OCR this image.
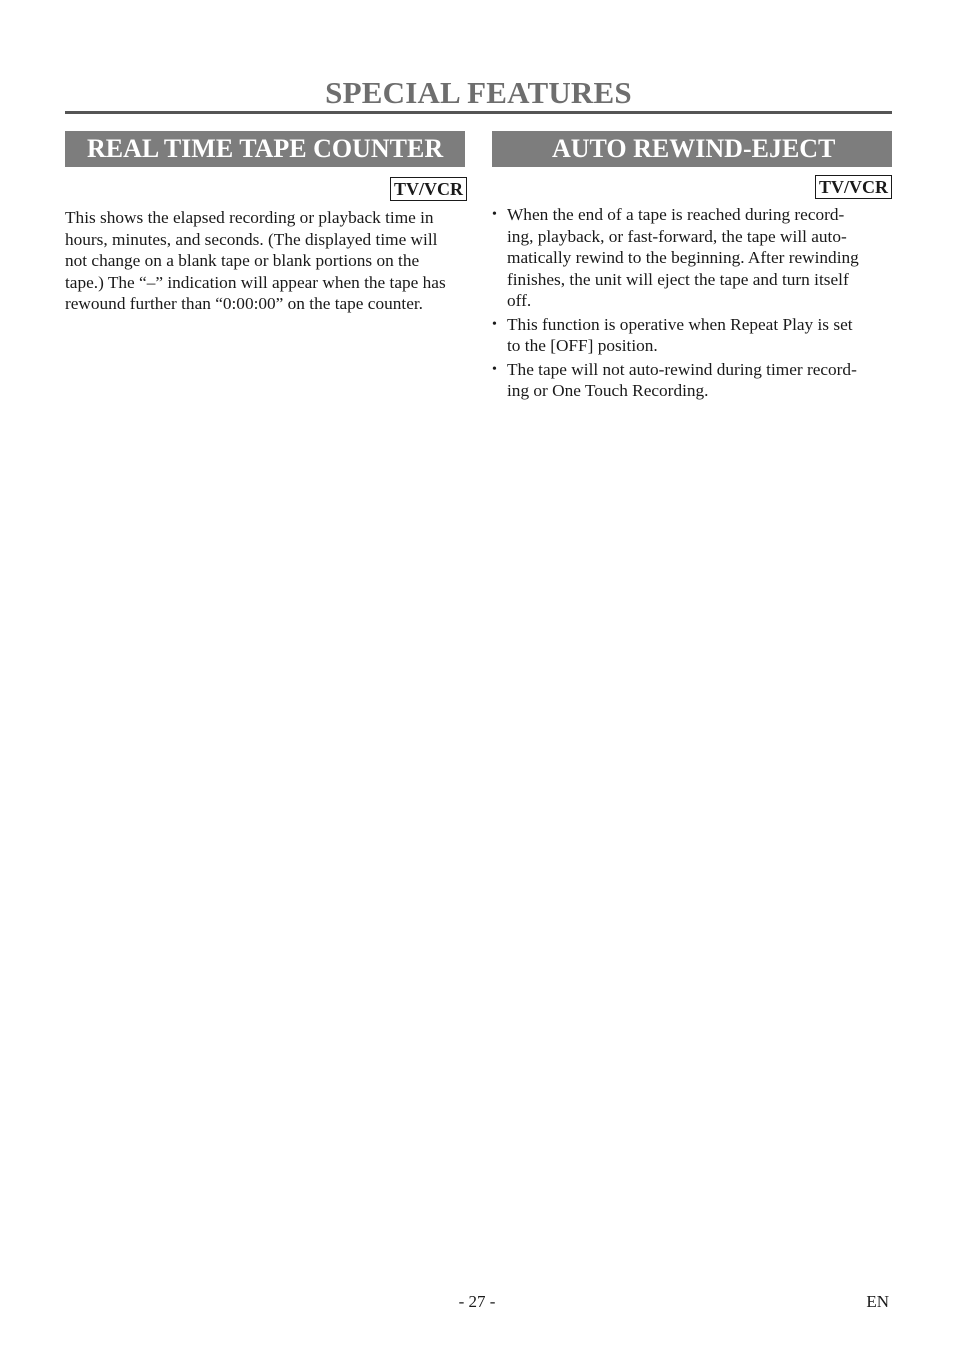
SPECIAL FEATURES
REAL TIME TAPE COUNTER
TV/VCR
This shows the elapsed recording or playback time in
hours, minutes, and seconds. (The displayed time will
not change on a blank tape or blank portions on the
tape.) The “–” indication will appear when the tape has
rewound further than “0:00:00” on the tape counter.
AUTO REWIND-EJECT
TV/VCR
• When the end of a tape is reached during record-
ing, playback, or fast-forward, the tape will auto-
matically rewind to the beginning. After rewinding
finishes, the unit will eject the tape and turn itself
off.
• This function is operative when Repeat Play is set
to the [OFF] position.
• The tape will not auto-rewind during timer record-
ing or One Touch Recording.
- 27 -	EN
